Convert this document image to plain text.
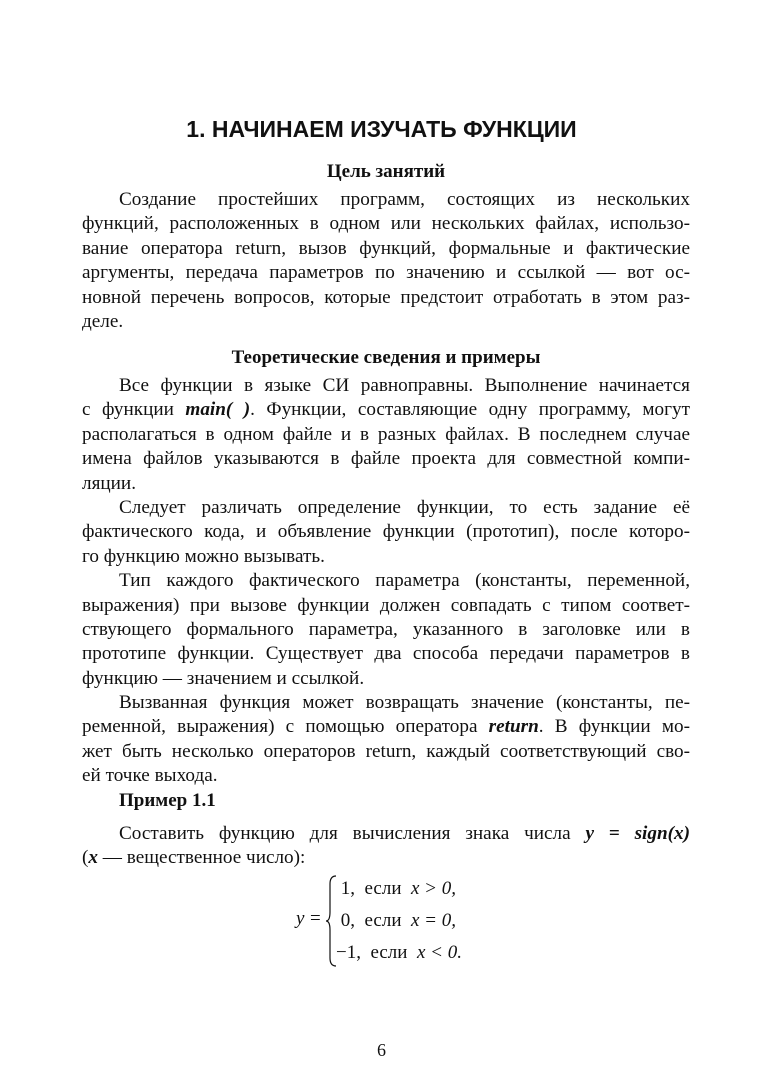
1. НАЧИНАЕМ ИЗУЧАТЬ ФУНКЦИИ
Цель занятий
Создание простейших программ, состоящих из нескольких
функций, расположенных в одном или нескольких файлах, использо-
вание оператора return, вызов функций, формальные и фактические
аргументы, передача параметров по значению и ссылкой — вот ос-
новной перечень вопросов, которые предстоит отработать в этом раз-
деле.
Теоретические сведения и примеры
Все функции в языке СИ равноправны. Выполнение начинается
с функции main( ). Функции, составляющие одну программу, могут
располагаться в одном файле и в разных файлах. В последнем случае
имена файлов указываются в файле проекта для совместной компи-
ляции.
Следует различать определение функции, то есть задание её
фактического кода, и объявление функции (прототип), после которо-
го функцию можно вызывать.
Тип каждого фактического параметра (константы, переменной,
выражения) при вызове функции должен совпадать с типом соответ-
ствующего формального параметра, указанного в заголовке или в
прототипе функции. Существует два способа передачи параметров в
функцию — значением и ссылкой.
Вызванная функция может возвращать значение (константы, пе-
ременной, выражения) с помощью оператора return. В функции мо-
жет быть несколько операторов return, каждый соответствующий сво-
ей точке выхода.
Пример 1.1
Составить функцию для вычисления знака числа y = sign(x)
(x — вещественное число):
y =
1, если x > 0,
0, если x = 0,
−1, если x < 0.
6
